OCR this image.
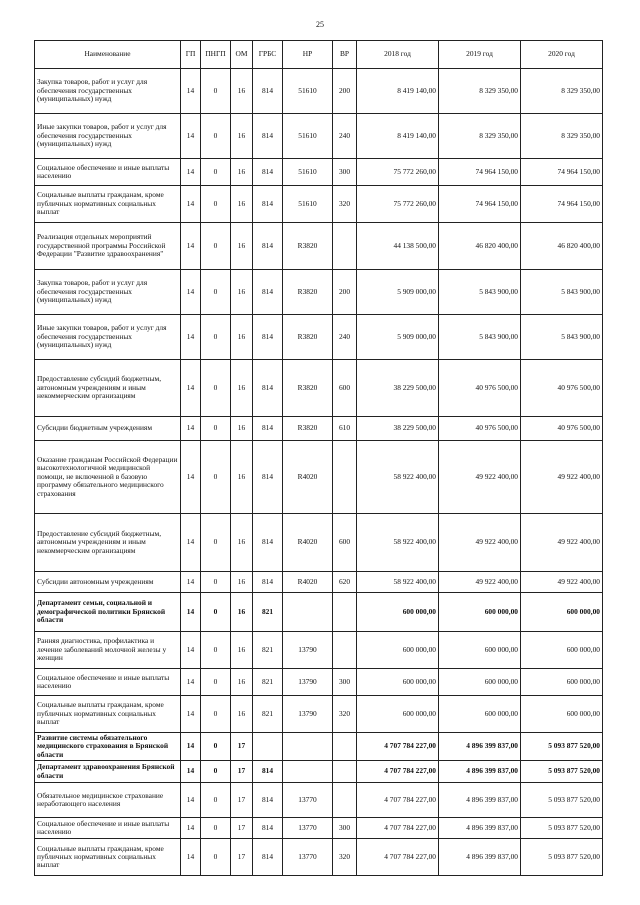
25
Наименование	ГП	ПНГП	ОМ	ГРБС	НР	ВР	2018 год	2019 год	2020 год
Закупка товаров, работ и услуг для обеспечения государственных (муниципальных) нужд	14	0	16	814	51610	200	8 419 140,00	8 329 350,00	8 329 350,00
Иные закупки товаров, работ и услуг для обеспечения государственных (муниципальных) нужд	14	0	16	814	51610	240	8 419 140,00	8 329 350,00	8 329 350,00
Социальное обеспечение и иные выплаты населению	14	0	16	814	51610	300	75 772 260,00	74 964 150,00	74 964 150,00
Социальные выплаты гражданам, кроме публичных нормативных социальных выплат	14	0	16	814	51610	320	75 772 260,00	74 964 150,00	74 964 150,00
Реализация отдельных мероприятий государственной программы Российской Федерации "Развитие здравоохранения"	14	0	16	814	R3820		44 138 500,00	46 820 400,00	46 820 400,00
Закупка товаров, работ и услуг для обеспечения государственных (муниципальных) нужд	14	0	16	814	R3820	200	5 909 000,00	5 843 900,00	5 843 900,00
Иные закупки товаров, работ и услуг для обеспечения государственных (муниципальных) нужд	14	0	16	814	R3820	240	5 909 000,00	5 843 900,00	5 843 900,00
Предоставление субсидий бюджетным, автономным учреждениям и иным некоммерческим организациям	14	0	16	814	R3820	600	38 229 500,00	40 976 500,00	40 976 500,00
Субсидии бюджетным учреждениям	14	0	16	814	R3820	610	38 229 500,00	40 976 500,00	40 976 500,00
Оказание гражданам Российской Федерации высокотехнологичной медицинской помощи, не включенной в базовую программу обязательного медицинского страхования	14	0	16	814	R4020		58 922 400,00	49 922 400,00	49 922 400,00
Предоставление субсидий бюджетным, автономным учреждениям и иным некоммерческим организациям	14	0	16	814	R4020	600	58 922 400,00	49 922 400,00	49 922 400,00
Субсидии автономным учреждениям	14	0	16	814	R4020	620	58 922 400,00	49 922 400,00	49 922 400,00
Департамент семьи, социальной и демографической политики Брянской области	14	0	16	821			600 000,00	600 000,00	600 000,00
Ранняя диагностика, профилактика и лечение заболеваний молочной железы у женщин	14	0	16	821	13790		600 000,00	600 000,00	600 000,00
Социальное обеспечение и иные выплаты населению	14	0	16	821	13790	300	600 000,00	600 000,00	600 000,00
Социальные выплаты гражданам, кроме публичных нормативных социальных выплат	14	0	16	821	13790	320	600 000,00	600 000,00	600 000,00
Развитие системы обязательного медицинского страхования в Брянской области	14	0	17				4 707 784 227,00	4 896 399 837,00	5 093 877 520,00
Департамент здравоохранения Брянской области	14	0	17	814			4 707 784 227,00	4 896 399 837,00	5 093 877 520,00
Обязательное медицинское страхование неработающего населения	14	0	17	814	13770		4 707 784 227,00	4 896 399 837,00	5 093 877 520,00
Социальное обеспечение и иные выплаты населению	14	0	17	814	13770	300	4 707 784 227,00	4 896 399 837,00	5 093 877 520,00
Социальные выплаты гражданам, кроме публичных нормативных социальных выплат	14	0	17	814	13770	320	4 707 784 227,00	4 896 399 837,00	5 093 877 520,00
